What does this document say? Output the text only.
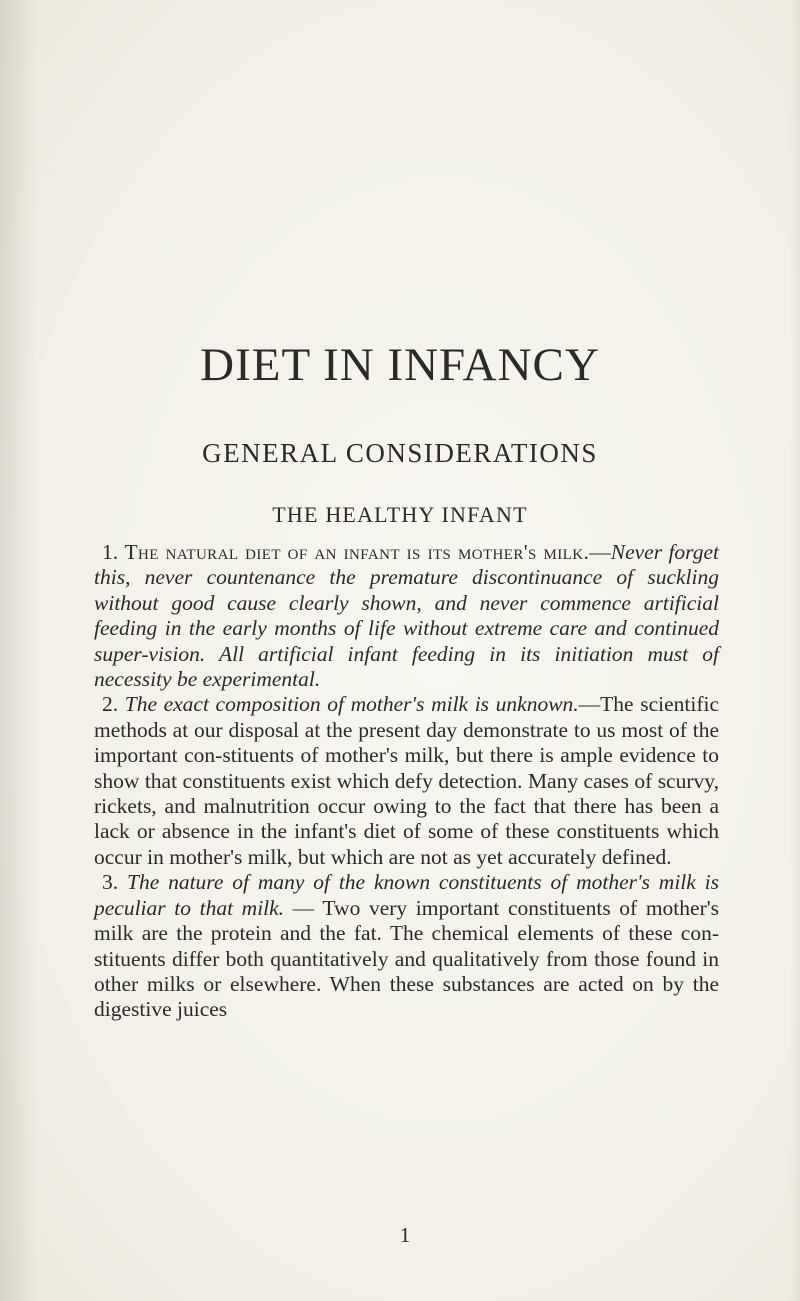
DIET IN INFANCY
GENERAL CONSIDERATIONS
THE HEALTHY INFANT

1. The natural diet of an infant is its mother's milk.—Never forget this, never countenance the premature discontinuance of suckling without good cause clearly shown, and never commence artificial feeding in the early months of life without extreme care and continued super-vision. All artificial infant feeding in its initiation must of necessity be experimental.

2. The exact composition of mother's milk is unknown.—The scientific methods at our disposal at the present day demonstrate to us most of the important con-stituents of mother's milk, but there is ample evidence to show that constituents exist which defy detection. Many cases of scurvy, rickets, and malnutrition occur owing to the fact that there has been a lack or absence in the infant's diet of some of these constituents which occur in mother's milk, but which are not as yet accurately defined.

3. The nature of many of the known constituents of mother's milk is peculiar to that milk. — Two very important constituents of mother's milk are the protein and the fat. The chemical elements of these con-stituents differ both quantitatively and qualitatively from those found in other milks or elsewhere. When these substances are acted on by the digestive juices

1
